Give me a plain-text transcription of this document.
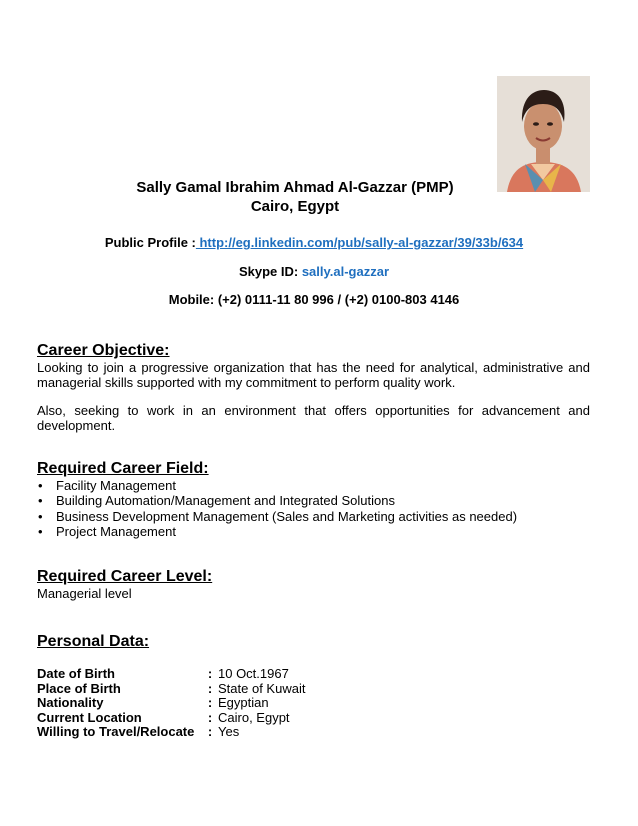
Sally Gamal Ibrahim Ahmad Al-Gazzar (PMP)
Cairo, Egypt
Public Profile : http://eg.linkedin.com/pub/sally-al-gazzar/39/33b/634
Skype ID: sally.al-gazzar
Mobile: (+2) 0111-11 80 996 / (+2) 0100-803 4146
Career Objective:
Looking to join a progressive organization that has the need for analytical, administrative and managerial skills supported with my commitment to perform quality work.
Also, seeking to work in an environment that offers opportunities for advancement and development.
Required Career Field:
• Facility Management
• Building Automation/Management and Integrated Solutions
• Business Development Management (Sales and Marketing activities as needed)
• Project Management
Required Career Level:
Managerial level
Personal Data:
Date of Birth	:	10 Oct.1967
Place of Birth	:	State of Kuwait
Nationality	:	Egyptian
Current Location	:	Cairo, Egypt
Willing to Travel/Relocate	:	Yes
